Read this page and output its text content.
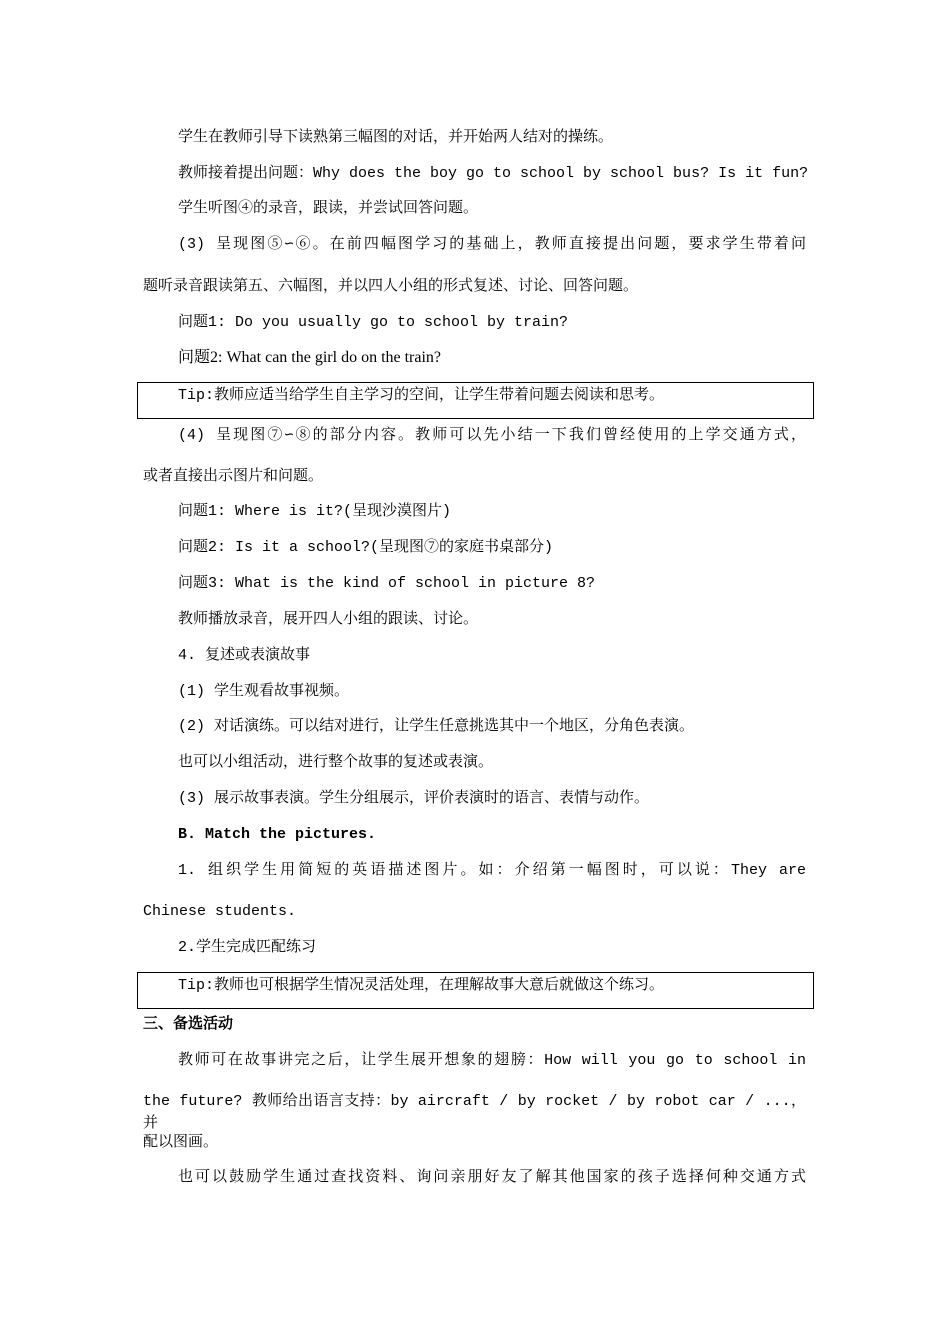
学生在教师引导下读熟第三幅图的对话，并开始两人结对的操练。
教师接着提出问题：Why does the boy go to school by school bus? Is it fun?
学生听图④的录音，跟读，并尝试回答问题。
(3) 呈现图⑤∽⑥。在前四幅图学习的基础上，教师直接提出问题，要求学生带着问
题听录音跟读第五、六幅图，并以四人小组的形式复述、讨论、回答问题。
问题1: Do you usually go to school by train?
问题2: What can the girl do on the train?
Tip:教师应适当给学生自主学习的空间，让学生带着问题去阅读和思考。
(4) 呈现图⑦∽⑧的部分内容。教师可以先小结一下我们曾经使用的上学交通方式，
或者直接出示图片和问题。
问题1: Where is it?(呈现沙漠图片)
问题2: Is it a school?(呈现图⑦的家庭书桌部分)
问题3: What is the kind of school in picture 8?
教师播放录音，展开四人小组的跟读、讨论。
4. 复述或表演故事
(1) 学生观看故事视频。
(2) 对话演练。可以结对进行，让学生任意挑选其中一个地区，分角色表演。
也可以小组活动，进行整个故事的复述或表演。
(3) 展示故事表演。学生分组展示，评价表演时的语言、表情与动作。
B. Match the pictures.
1. 组织学生用简短的英语描述图片。如：介绍第一幅图时，可以说：They are
Chinese students.
2.学生完成匹配练习
Tip:教师也可根据学生情况灵活处理，在理解故事大意后就做这个练习。
三、备选活动
教师可在故事讲完之后，让学生展开想象的翅膀：How will you go to school in
the future? 教师给出语言支持：by aircraft / by rocket / by robot car / ...，并
配以图画。
也可以鼓励学生通过查找资料、询问亲朋好友了解其他国家的孩子选择何种交通方式
